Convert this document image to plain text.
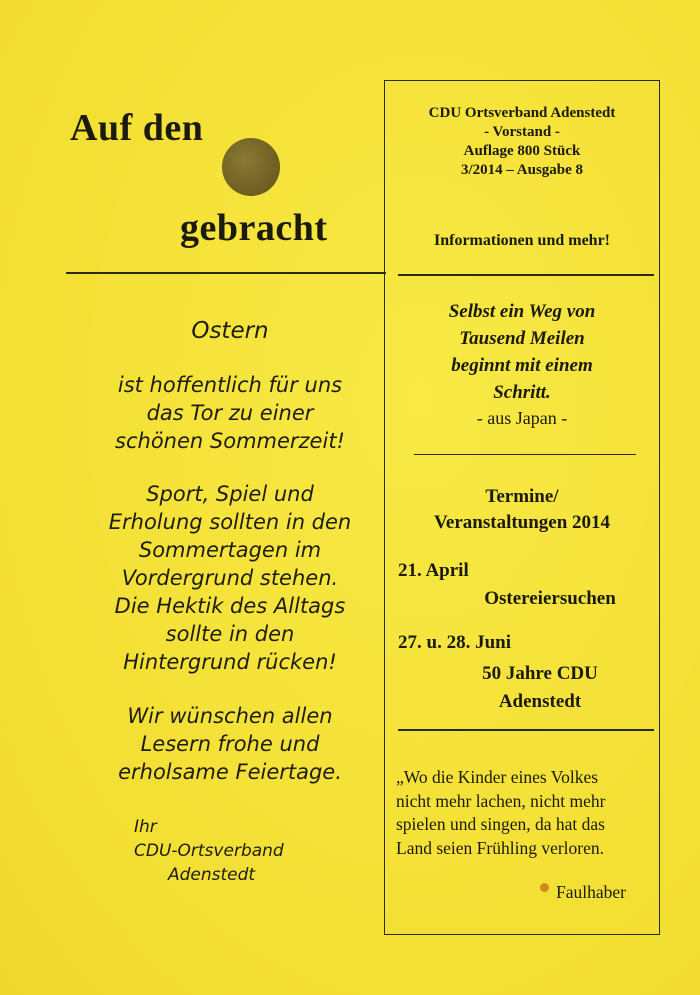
Auf den
gebracht
Ostern
ist hoffentlich für uns
das Tor zu einer
schönen Sommerzeit!
Sport, Spiel und
Erholung sollten in den
Sommertagen im
Vordergrund stehen.
Die Hektik des Alltags
sollte in den
Hintergrund rücken!
Wir wünschen allen
Lesern frohe und
erholsame Feiertage.
Ihr
CDU-Ortsverband
Adenstedt
CDU Ortsverband Adenstedt
- Vorstand -
Auflage 800 Stück
3/2014 – Ausgabe 8
Informationen und mehr!
Selbst ein Weg von
Tausend Meilen
beginnt mit einem
Schritt.
- aus Japan -
Termine/
Veranstaltungen 2014
21. April
Ostereiersuchen
27. u. 28. Juni
50 Jahre CDU
Adenstedt
„Wo die Kinder eines Volkes
nicht mehr lachen, nicht mehr
spielen und singen, da hat das
Land seien Frühling verloren.
Faulhaber
